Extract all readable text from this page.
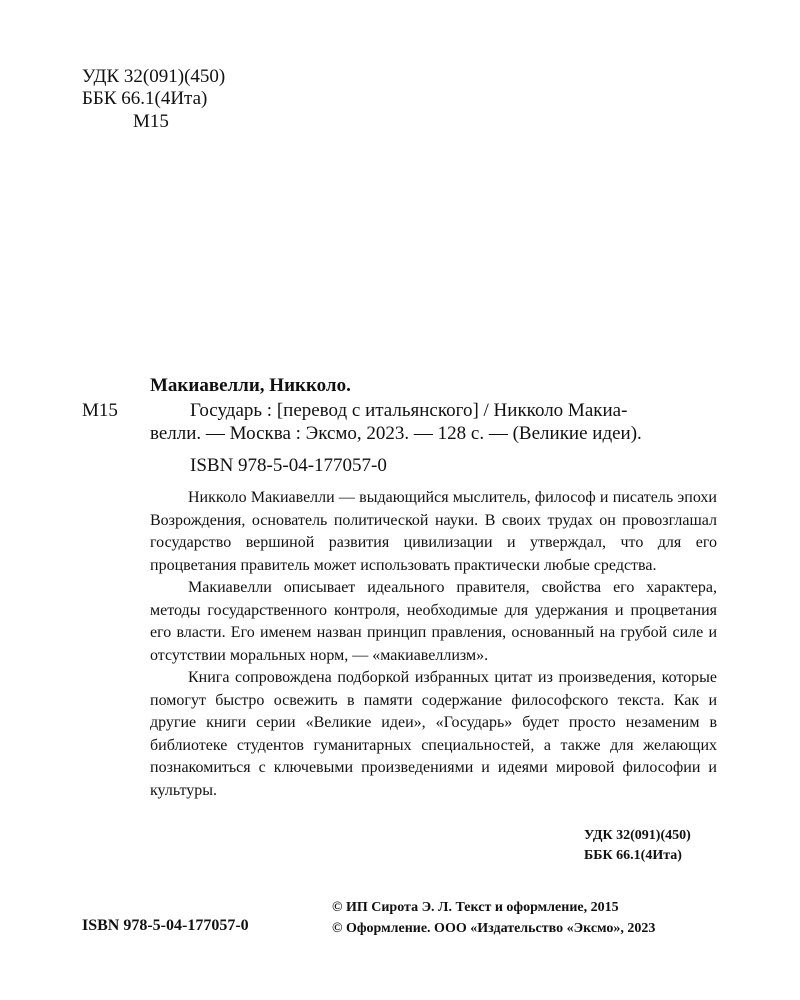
УДК 32(091)(450)
ББК 66.1(4Ита)
М15
Макиавелли, Никколо.
М15	Государь : [перевод с итальянского] / Никколо Макиа-
велли. — Москва : Эксмо, 2023. — 128 с. — (Великие идеи).
ISBN 978-5-04-177057-0

Никколо Макиавелли — выдающийся мыслитель, философ и писатель эпохи Возрождения, основатель политической науки. В своих трудах он провозглашал государство вершиной развития цивилизации и утверждал, что для его процветания правитель может использовать практически любые средства.

Макиавелли описывает идеального правителя, свойства его характера, методы государственного контроля, необходимые для удержания и процветания его власти. Его именем назван принцип правления, основанный на грубой силе и отсутствии моральных норм, — «макиавеллизм».

Книга сопровождена подборкой избранных цитат из произведения, которые помогут быстро освежить в памяти содержание философского текста. Как и другие книги серии «Великие идеи», «Государь» будет просто незаменим в библиотеке студентов гуманитарных специальностей, а также для желающих познакомиться с ключевыми произведениями и идеями мировой философии и культуры.

УДК 32(091)(450)
ББК 66.1(4Ита)
© ИП Сирота Э. Л. Текст и оформление, 2015
ISBN 978-5-04-177057-0	© Оформление. ООО «Издательство «Эксмо», 2023
